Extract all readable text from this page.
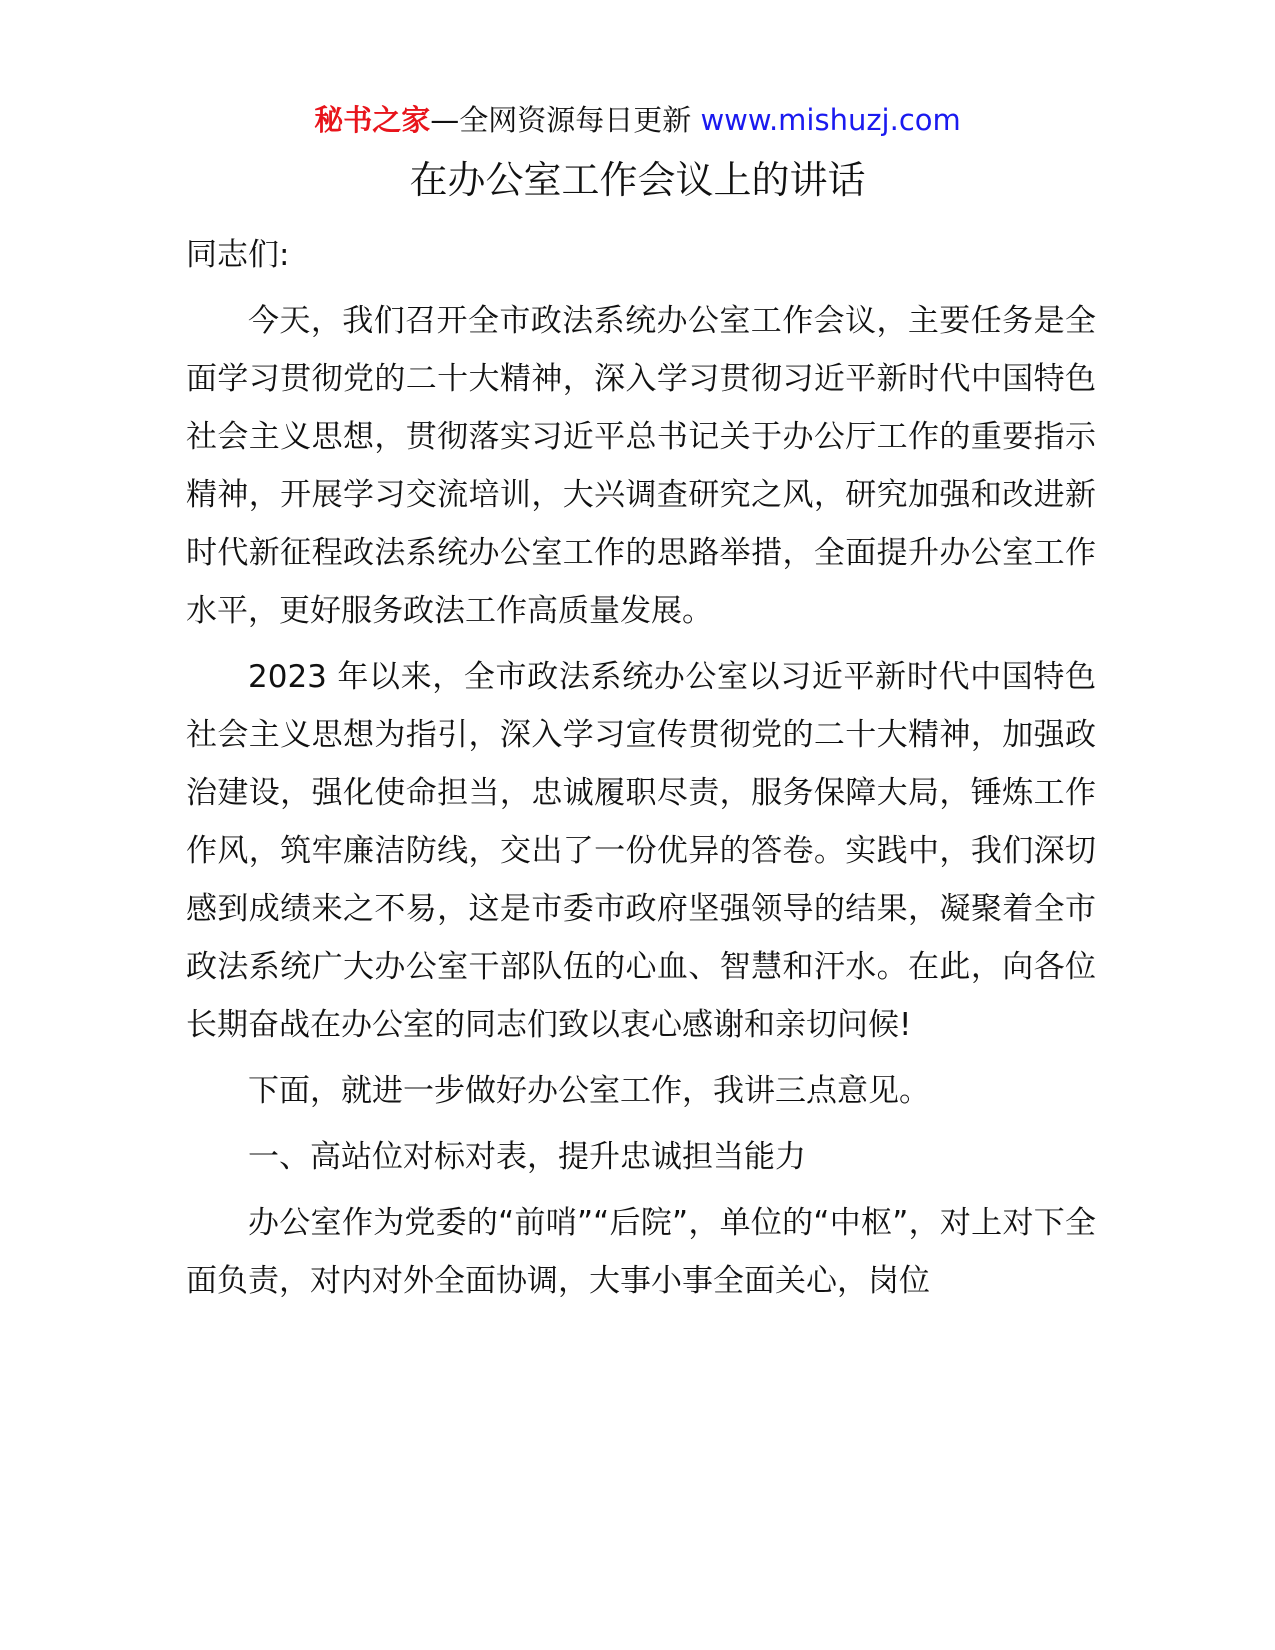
秘书之家—全网资源每日更新 www.mishuzj.com
在办公室工作会议上的讲话

同志们:

今天，我们召开全市政法系统办公室工作会议，主要任务是全面学习贯彻党的二十大精神，深入学习贯彻习近平新时代中国特色社会主义思想，贯彻落实习近平总书记关于办公厅工作的重要指示精神，开展学习交流培训，大兴调查研究之风，研究加强和改进新时代新征程政法系统办公室工作的思路举措，全面提升办公室工作水平，更好服务政法工作高质量发展。

2023 年以来，全市政法系统办公室以习近平新时代中国特色社会主义思想为指引，深入学习宣传贯彻党的二十大精神，加强政治建设，强化使命担当，忠诚履职尽责，服务保障大局，锤炼工作作风，筑牢廉洁防线，交出了一份优异的答卷。实践中，我们深切感到成绩来之不易，这是市委市政府坚强领导的结果，凝聚着全市政法系统广大办公室干部队伍的心血、智慧和汗水。在此，向各位长期奋战在办公室的同志们致以衷心感谢和亲切问候!

下面，就进一步做好办公室工作，我讲三点意见。

一、高站位对标对表，提升忠诚担当能力

办公室作为党委的“前哨”“后院”，单位的“中枢”，对上对下全面负责，对内对外全面协调，大事小事全面关心，岗位
